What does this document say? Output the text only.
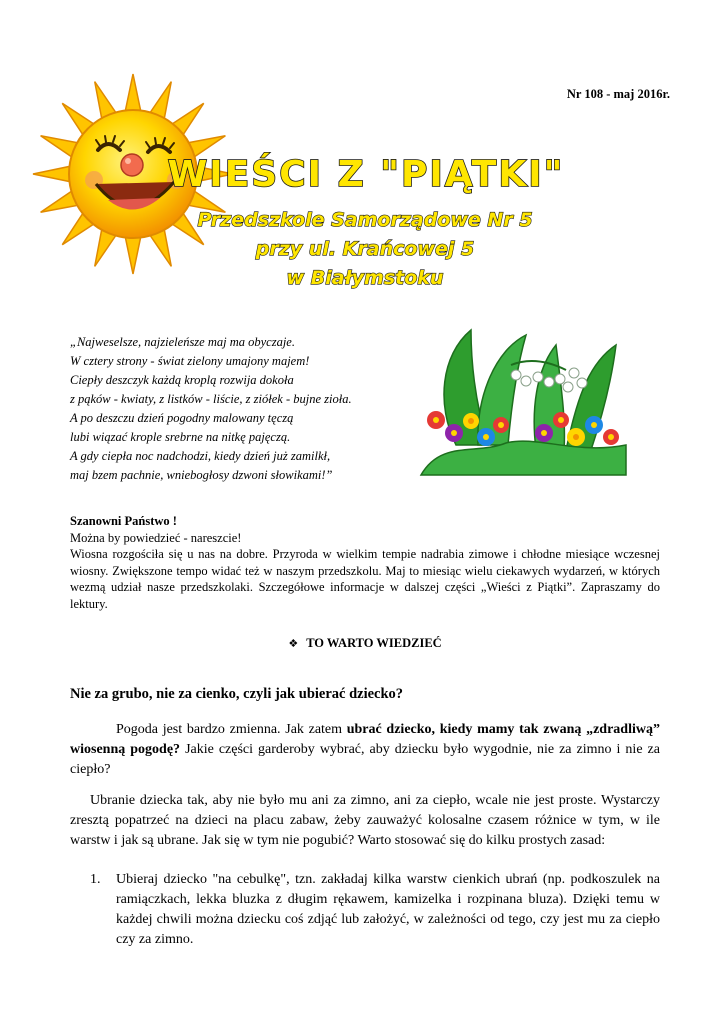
Nr 108 - maj 2016r.
WIEŚCI Z "PIĄTKI"
Przedszkole Samorządowe Nr 5
przy ul. Krańcowej 5
w Białymstoku
„Najweselsze, najzieleńsze maj ma obyczaje.
W cztery strony - świat zielony umajony majem!
Ciepły deszczyk każdą kroplą rozwija dokoła
z pąków - kwiaty, z listków - liście, z ziółek - bujne zioła.
A po deszczu dzień pogodny malowany tęczą
lubi wiązać krople srebrne na nitkę pajęczą.
A gdy ciepła noc nadchodzi, kiedy dzień już zamilkł,
maj bzem pachnie, wniebogłosy dzwoni słowikami!”
Szanowni Państwo !
Można by powiedzieć - nareszcie!

Wiosna rozgościła się u nas na dobre. Przyroda w wielkim tempie nadrabia zimowe i chłodne miesiące wczesnej wiosny. Zwiększone tempo widać też w naszym przedszkolu. Maj to miesiąc wielu ciekawych wydarzeń, w których wezmą udział nasze przedszkolaki. Szczegółowe informacje w dalszej części „Wieści z Piątki”. Zapraszamy do lektury.

❖ TO WARTO WIEDZIEĆ
Nie za grubo, nie za cienko, czyli jak ubierać dziecko?
Pogoda jest bardzo zmienna. Jak zatem ubrać dziecko, kiedy mamy tak zwaną „zdradliwą” wiosenną pogodę? Jakie części garderoby wybrać, aby dziecku było wygodnie, nie za zimno i nie za ciepło?
Ubranie dziecka tak, aby nie było mu ani za zimno, ani za ciepło, wcale nie jest proste. Wystarczy zresztą popatrzeć na dzieci na placu zabaw, żeby zauważyć kolosalne czasem różnice w tym, w ile warstw i jak są ubrane. Jak się w tym nie pogubić? Warto stosować się do kilku prostych zasad:
1. Ubieraj dziecko "na cebulkę", tzn. zakładaj kilka warstw cienkich ubrań (np. podkoszulek na ramiączkach, lekka bluzka z długim rękawem, kamizelka i rozpinana bluza). Dzięki temu w każdej chwili można dziecku coś zdjąć lub założyć, w zależności od tego, czy jest mu za ciepło czy za zimno.
